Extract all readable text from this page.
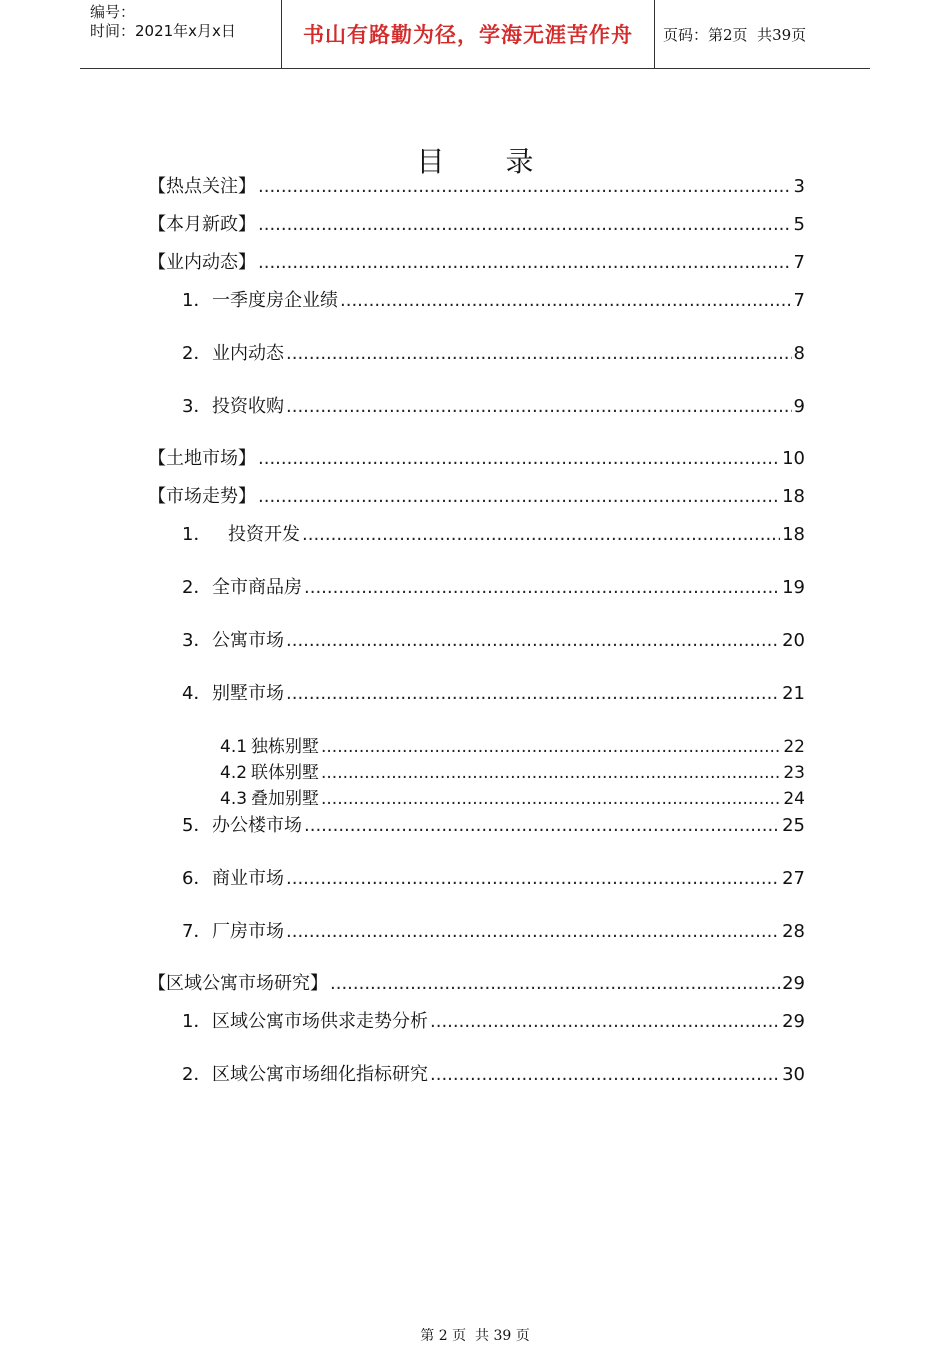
编号：
时间：2021年x月x日	书山有路勤为径，学海无涯苦作舟	页码：第2页  共39页
目 录
【热点关注】 .....	3
【本月新政】 .....	5
【业内动态】 .....	7
1． 一季度房企业绩 .....	7
2． 业内动态 .....	8
3． 投资收购 .....	9
【土地市场】 .....	10
【市场走势】 .....	18
1． 投资开发 .....	18
2． 全市商品房 .....	19
3． 公寓市场 .....	20
4． 别墅市场 .....	21
4.1 独栋别墅 .....	22
4.2 联体别墅 .....	23
4.3 叠加别墅 .....	24
5． 办公楼市场 .....	25
6． 商业市场 .....	27
7． 厂房市场 .....	28
【区域公寓市场研究】 .....	29
1． 区域公寓市场供求走势分析 .....	29
2． 区域公寓市场细化指标研究 .....	30
第 2 页  共 39 页
